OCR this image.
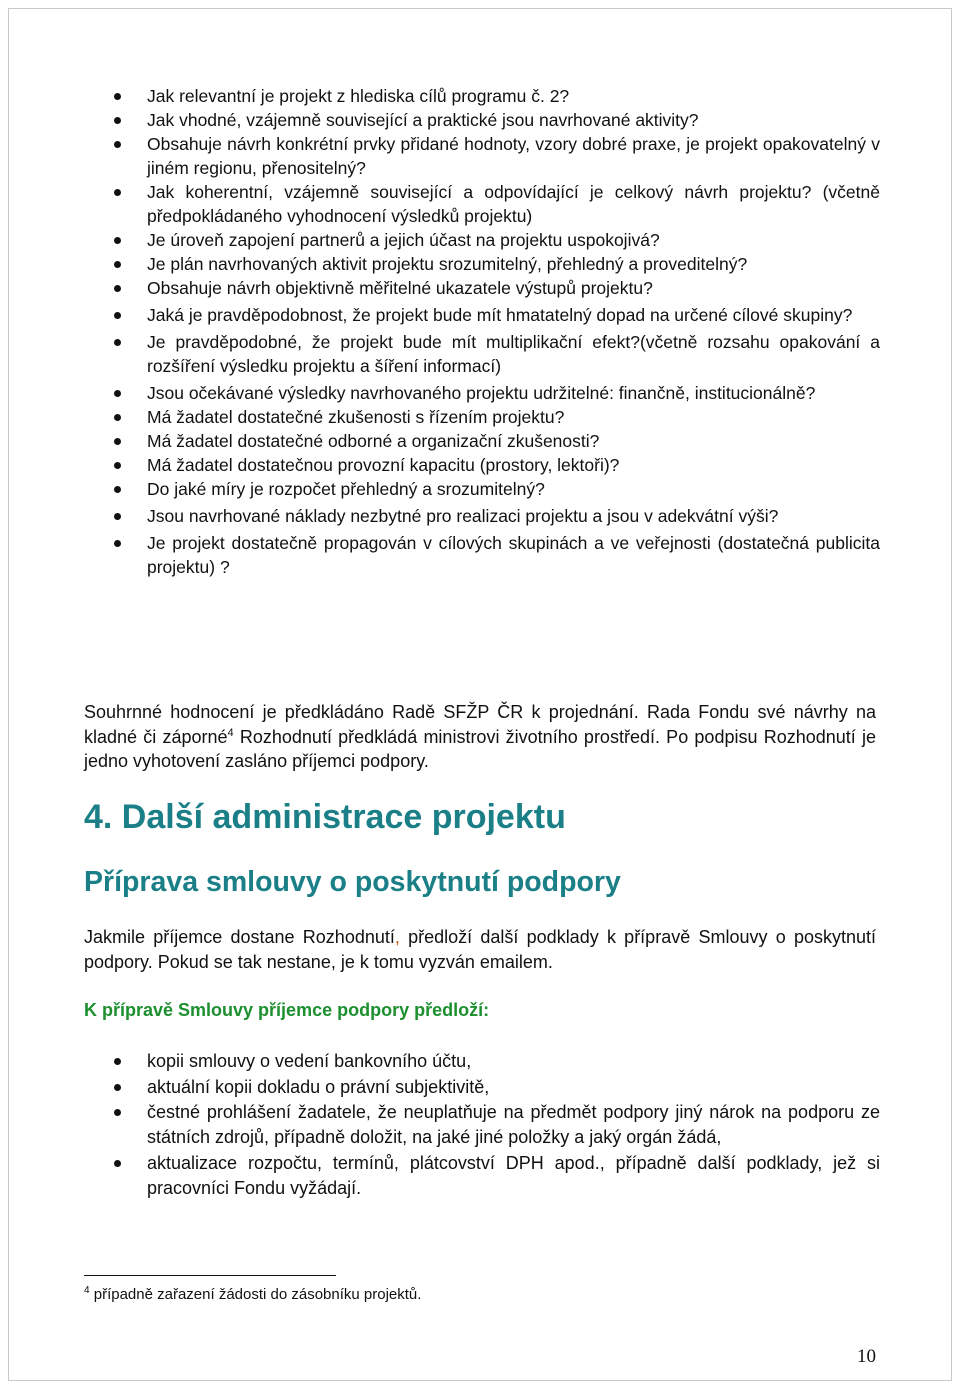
Jak relevantní je projekt z hlediska cílů programu č. 2?
Jak vhodné, vzájemně související a praktické jsou navrhované aktivity?
Obsahuje návrh konkrétní prvky přidané hodnoty, vzory dobré praxe, je projekt opakovatelný v jiném regionu, přenositelný?
Jak koherentní, vzájemně související a odpovídající je celkový návrh projektu? (včetně předpokládaného vyhodnocení výsledků projektu)
Je úroveň zapojení partnerů a jejich účast na projektu uspokojivá?
Je plán navrhovaných aktivit projektu srozumitelný, přehledný a proveditelný?
Obsahuje návrh objektivně měřitelné ukazatele výstupů projektu?
Jaká je pravděpodobnost, že projekt bude mít hmatatelný dopad na určené cílové skupiny?
Je pravděpodobné, že projekt bude mít multiplikační efekt?(včetně rozsahu opakování a rozšíření výsledku projektu a šíření informací)
Jsou očekávané výsledky navrhovaného projektu udržitelné: finančně, institucionálně?
Má žadatel dostatečné zkušenosti s řízením projektu?
Má žadatel dostatečné odborné a organizační zkušenosti?
Má žadatel dostatečnou provozní kapacitu (prostory, lektoři)?
Do jaké míry je rozpočet přehledný a srozumitelný?
Jsou navrhované náklady nezbytné pro realizaci projektu a jsou v adekvátní výši?
Je projekt dostatečně propagován v cílových skupinách a ve veřejnosti (dostatečná publicita projektu) ?

Souhrnné hodnocení je předkládáno Radě SFŽP ČR k projednání. Rada Fondu své návrhy na kladné či záporné$^4$ Rozhodnutí předkládá ministrovi životního prostředí. Po podpisu Rozhodnutí je jedno vyhotovení zasláno příjemci podpory.

4. Další administrace projektu
Příprava smlouvy o poskytnutí podpory

Jakmile příjemce dostane Rozhodnutí, předloží další podklady k přípravě Smlouvy o poskytnutí podpory. Pokud se tak nestane, je k tomu vyzván emailem.

K přípravě Smlouvy příjemce podpory předloží:
kopii smlouvy o vedení bankovního účtu,
aktuální kopii dokladu o právní subjektivitě,
čestné prohlášení žadatele, že neuplatňuje na předmět podpory jiný nárok na podporu ze státních zdrojů, případně doložit, na jaké jiné položky a jaký orgán žádá,
aktualizace rozpočtu, termínů, plátcovství DPH apod., případně další podklady, jež si pracovníci Fondu vyžádají.

$^4$ případně zařazení žádosti do zásobníku projektů.

10
